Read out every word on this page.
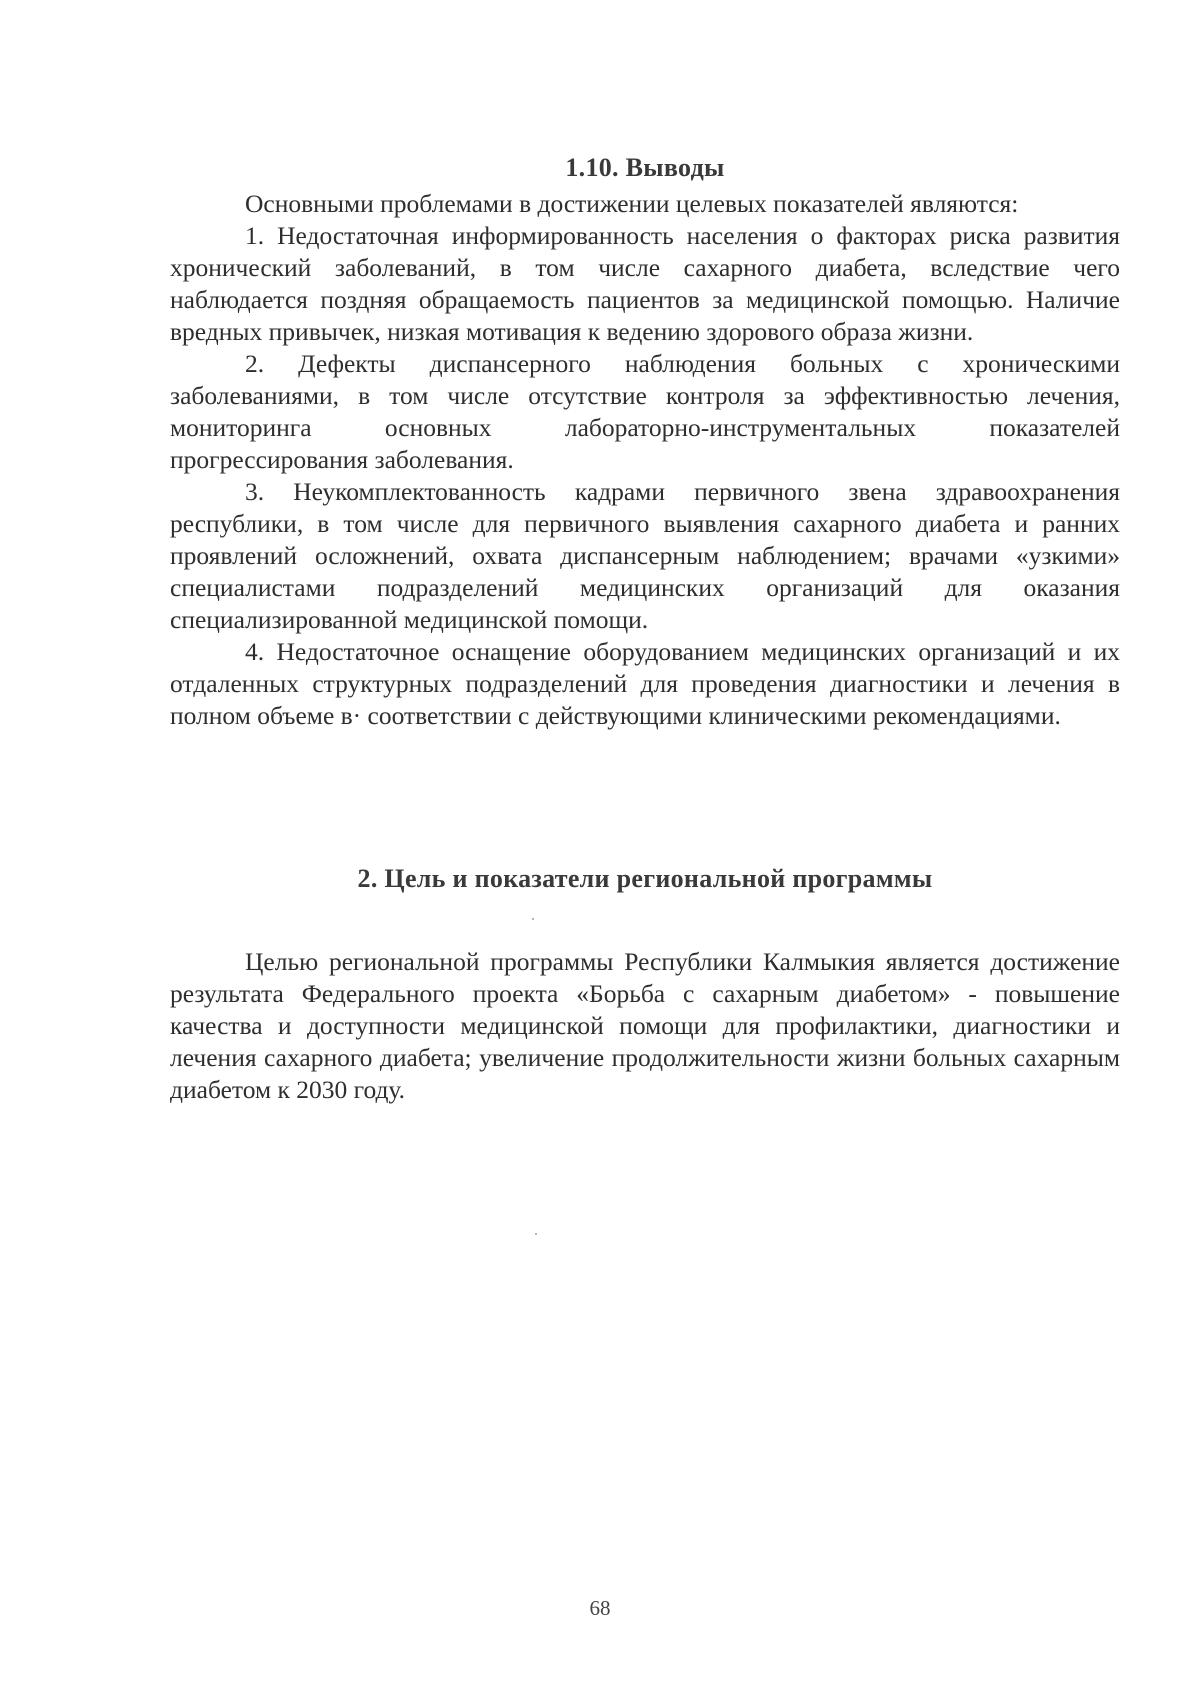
1.10. Выводы

Основными проблемами в достижении целевых показателей являются:

1. Недостаточная информированность населения о факторах риска развития хронический заболеваний, в том числе сахарного диабета, вследствие чего наблюдается поздняя обращаемость пациентов за медицинской помощью. Наличие вредных привычек, низкая мотивация к ведению здорового образа жизни.

2. Дефекты диспансерного наблюдения больных с хроническими заболеваниями, в том числе отсутствие контроля за эффективностью лечения, мониторинга основных лабораторно-инструментальных показателей прогрессирования заболевания.

3. Неукомплектованность кадрами первичного звена здравоохранения республики, в том числе для первичного выявления сахарного диабета и ранних проявлений осложнений, охвата диспансерным наблюдением; врачами «узкими» специалистами подразделений медицинских организаций для оказания специализированной медицинской помощи.

4. Недостаточное оснащение оборудованием медицинских организаций и их отдаленных структурных подразделений для проведения диагностики и лечения в полном объеме в· соответствии с действующими клиническими рекомендациями.

2. Цель и показатели региональной программы

Целью региональной программы Республики Калмыкия является достижение результата Федерального проекта «Борьба с сахарным диабетом» - повышение качества и доступности медицинской помощи для профилактики, диагностики и лечения сахарного диабета; увеличение продолжительности жизни больных сахарным диабетом к 2030 году.

68
